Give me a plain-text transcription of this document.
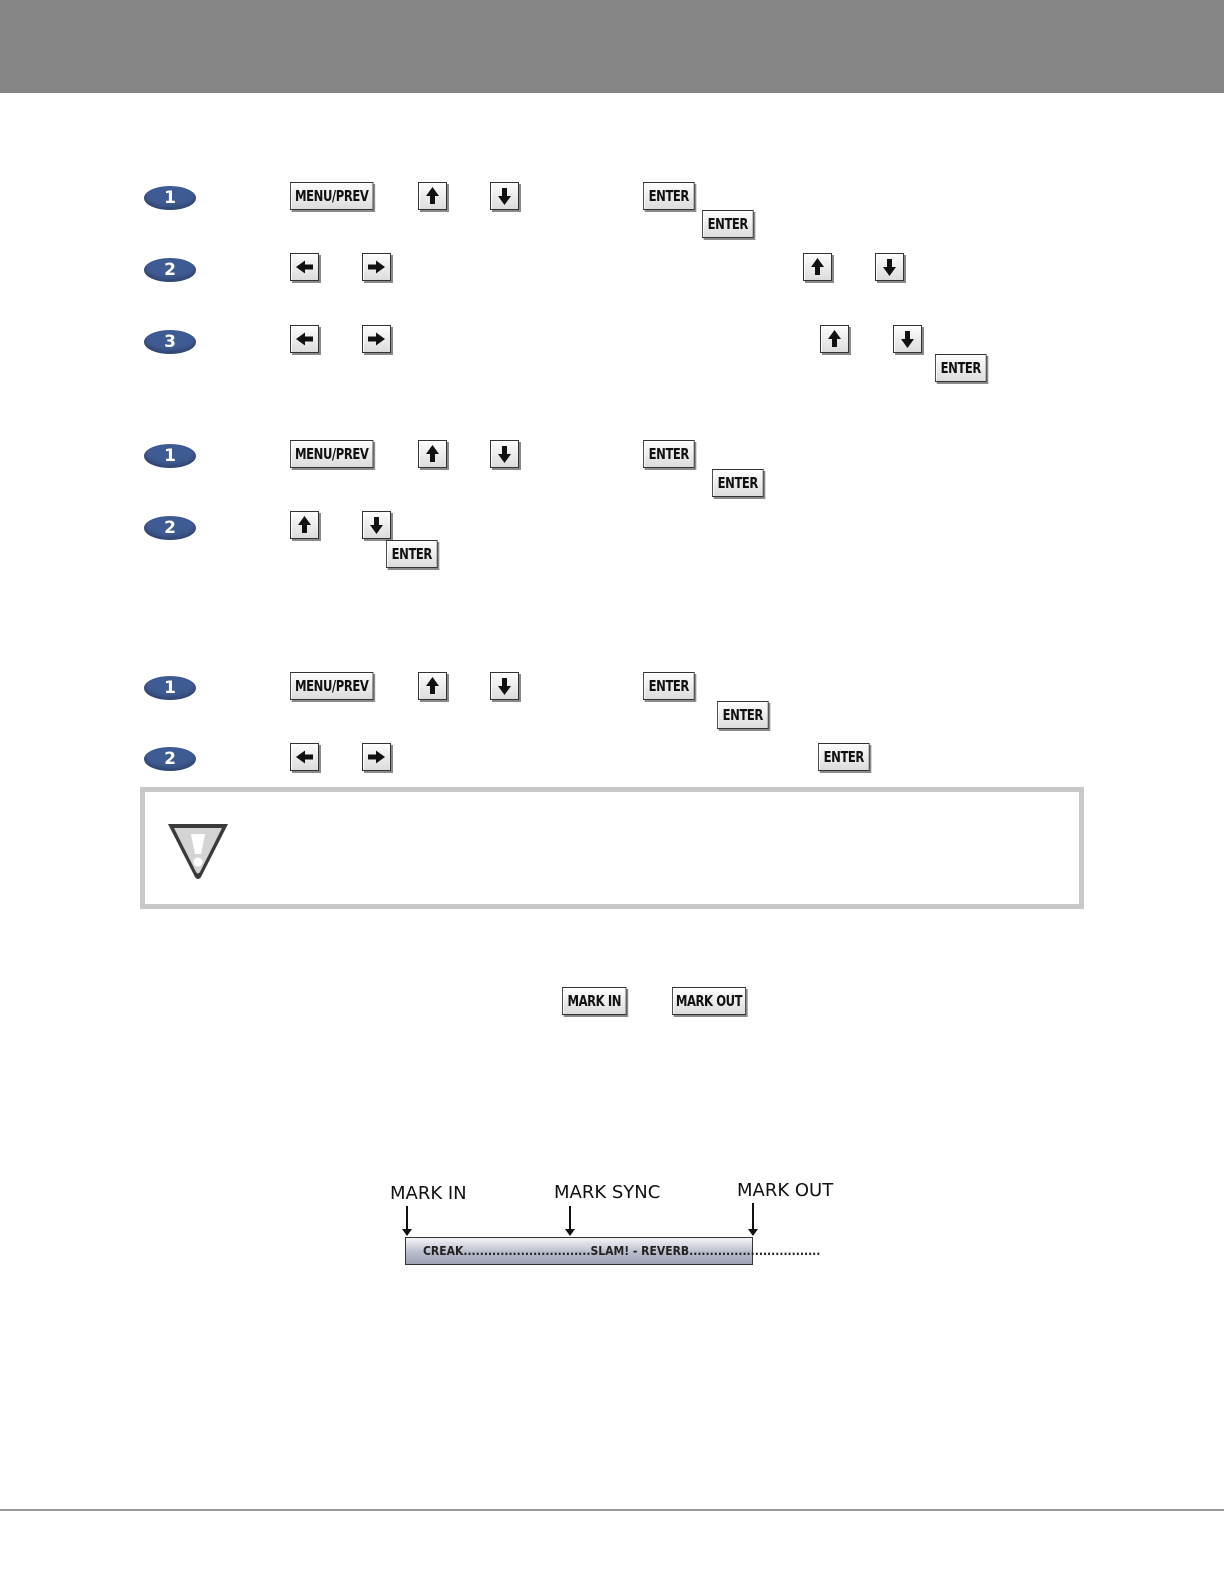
1	MENU/PREV	ENTER
ENTER
2
3
ENTER
1	MENU/PREV	ENTER
ENTER
2
ENTER
1	MENU/PREV	ENTER
ENTER
2	ENTER
MARK IN	MARK OUT
MARK IN	MARK SYNC	MARK OUT
CREAK...............................SLAM! - REVERB................................
